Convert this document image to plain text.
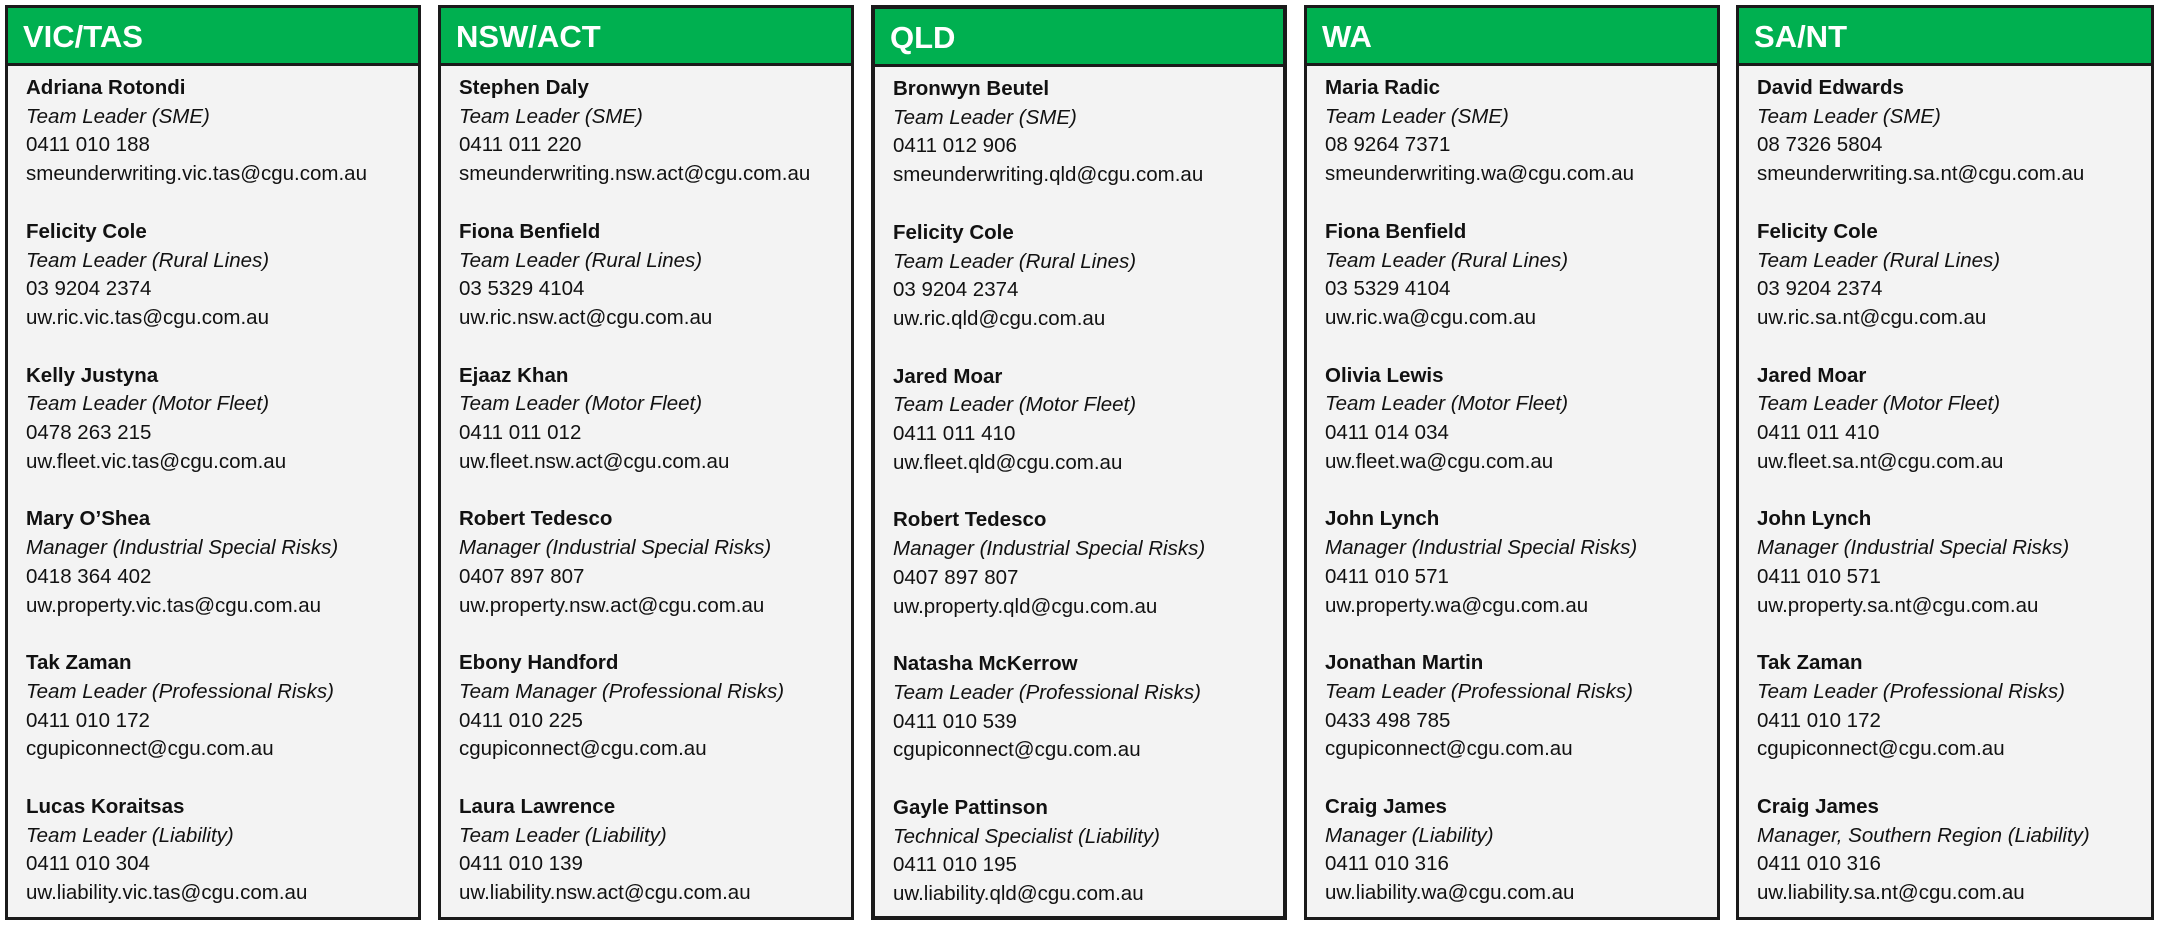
VIC/TAS
Adriana Rotondi
Team Leader (SME)
0411 010 188
smeunderwriting.vic.tas@cgu.com.au
Felicity Cole
Team Leader (Rural Lines)
03 9204 2374
uw.ric.vic.tas@cgu.com.au
Kelly Justyna
Team Leader (Motor Fleet)
0478 263 215
uw.fleet.vic.tas@cgu.com.au
Mary O’Shea
Manager (Industrial Special Risks)
0418 364 402
uw.property.vic.tas@cgu.com.au
Tak Zaman
Team Leader (Professional Risks)
0411 010 172
cgupiconnect@cgu.com.au
Lucas Koraitsas
Team Leader (Liability)
0411 010 304
uw.liability.vic.tas@cgu.com.au
NSW/ACT
Stephen Daly
Team Leader (SME)
0411 011 220
smeunderwriting.nsw.act@cgu.com.au
Fiona Benfield
Team Leader (Rural Lines)
03 5329 4104
uw.ric.nsw.act@cgu.com.au
Ejaaz Khan
Team Leader (Motor Fleet)
0411 011 012
uw.fleet.nsw.act@cgu.com.au
Robert Tedesco
Manager (Industrial Special Risks)
0407 897 807
uw.property.nsw.act@cgu.com.au
Ebony Handford
Team Manager (Professional Risks)
0411 010 225
cgupiconnect@cgu.com.au
Laura Lawrence
Team Leader (Liability)
0411 010 139
uw.liability.nsw.act@cgu.com.au
QLD
Bronwyn Beutel
Team Leader (SME)
0411 012 906
smeunderwriting.qld@cgu.com.au
Felicity Cole
Team Leader (Rural Lines)
03 9204 2374
uw.ric.qld@cgu.com.au
Jared Moar
Team Leader (Motor Fleet)
0411 011 410
uw.fleet.qld@cgu.com.au
Robert Tedesco
Manager (Industrial Special Risks)
0407 897 807
uw.property.qld@cgu.com.au
Natasha McKerrow
Team Leader (Professional Risks)
0411 010 539
cgupiconnect@cgu.com.au
Gayle Pattinson
Technical Specialist (Liability)
0411 010 195
uw.liability.qld@cgu.com.au
WA
Maria Radic
Team Leader (SME)
08 9264 7371
smeunderwriting.wa@cgu.com.au
Fiona Benfield
Team Leader (Rural Lines)
03 5329 4104
uw.ric.wa@cgu.com.au
Olivia Lewis
Team Leader (Motor Fleet)
0411 014 034
uw.fleet.wa@cgu.com.au
John Lynch
Manager (Industrial Special Risks)
0411 010 571
uw.property.wa@cgu.com.au
Jonathan Martin
Team Leader (Professional Risks)
0433 498 785
cgupiconnect@cgu.com.au
Craig James
Manager (Liability)
0411 010 316
uw.liability.wa@cgu.com.au
SA/NT
David Edwards
Team Leader (SME)
08 7326 5804
smeunderwriting.sa.nt@cgu.com.au
Felicity Cole
Team Leader (Rural Lines)
03 9204 2374
uw.ric.sa.nt@cgu.com.au
Jared Moar
Team Leader (Motor Fleet)
0411 011 410
uw.fleet.sa.nt@cgu.com.au
John Lynch
Manager (Industrial Special Risks)
0411 010 571
uw.property.sa.nt@cgu.com.au
Tak Zaman
Team Leader (Professional Risks)
0411 010 172
cgupiconnect@cgu.com.au
Craig James
Manager, Southern Region (Liability)
0411 010 316
uw.liability.sa.nt@cgu.com.au
